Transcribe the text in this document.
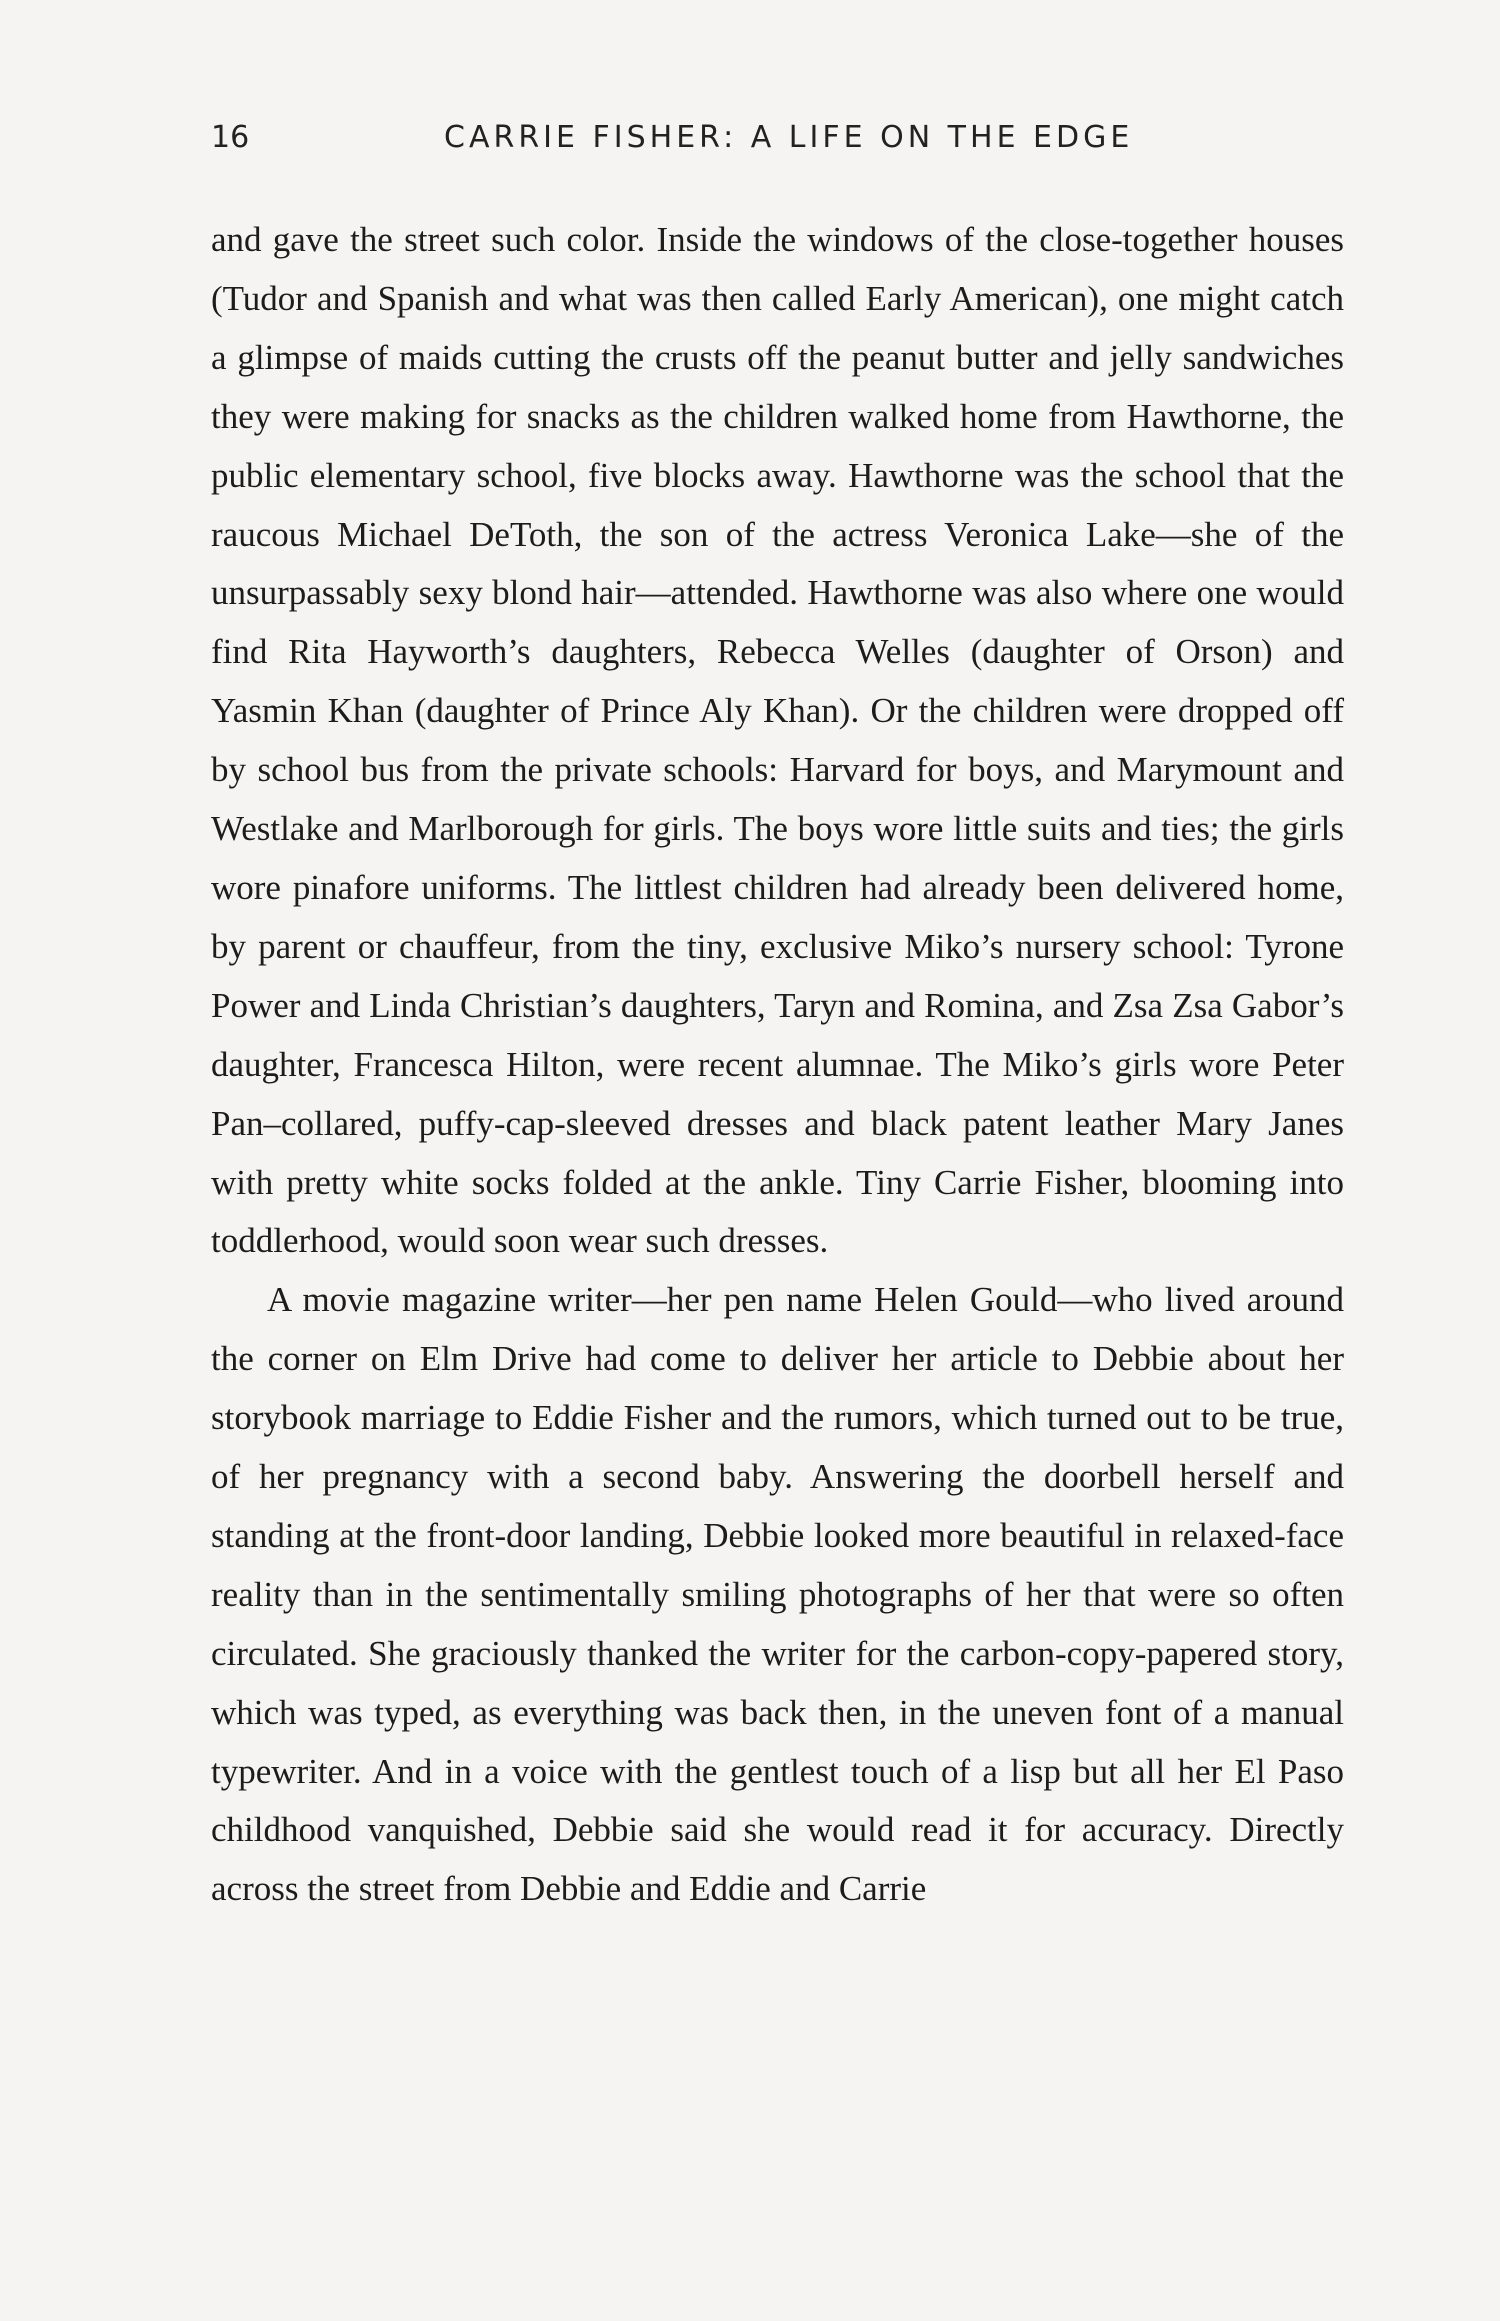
16	CARRIE FISHER: A LIFE ON THE EDGE

and gave the street such color. Inside the windows of the close-together houses (Tudor and Spanish and what was then called Early American), one might catch a glimpse of maids cutting the crusts off the peanut butter and jelly sandwiches they were making for snacks as the children walked home from Hawthorne, the public elementary school, five blocks away. Hawthorne was the school that the raucous Michael DeToth, the son of the actress Veronica Lake—she of the unsurpassably sexy blond hair—attended. Hawthorne was also where one would find Rita Hayworth’s daughters, Rebecca Welles (daughter of Orson) and Yasmin Khan (daughter of Prince Aly Khan). Or the children were dropped off by school bus from the private schools: Harvard for boys, and Marymount and Westlake and Marlborough for girls. The boys wore little suits and ties; the girls wore pinafore uniforms. The littlest children had already been delivered home, by parent or chauffeur, from the tiny, exclusive Miko’s nursery school: Tyrone Power and Linda Christian’s daughters, Taryn and Romina, and Zsa Zsa Gabor’s daughter, Francesca Hilton, were recent alumnae. The Miko’s girls wore Peter Pan–collared, puffy-cap-sleeved dresses and black patent leather Mary Janes with pretty white socks folded at the ankle. Tiny Carrie Fisher, blooming into toddlerhood, would soon wear such dresses.

A movie magazine writer—her pen name Helen Gould—who lived around the corner on Elm Drive had come to deliver her article to Debbie about her storybook marriage to Eddie Fisher and the rumors, which turned out to be true, of her pregnancy with a second baby. Answering the doorbell herself and standing at the front-door landing, Debbie looked more beautiful in relaxed-face reality than in the sentimentally smiling photographs of her that were so often circulated. She graciously thanked the writer for the carbon-copy-papered story, which was typed, as everything was back then, in the uneven font of a manual typewriter. And in a voice with the gentlest touch of a lisp but all her El Paso childhood vanquished, Debbie said she would read it for accuracy. Directly across the street from Debbie and Eddie and Carrie
